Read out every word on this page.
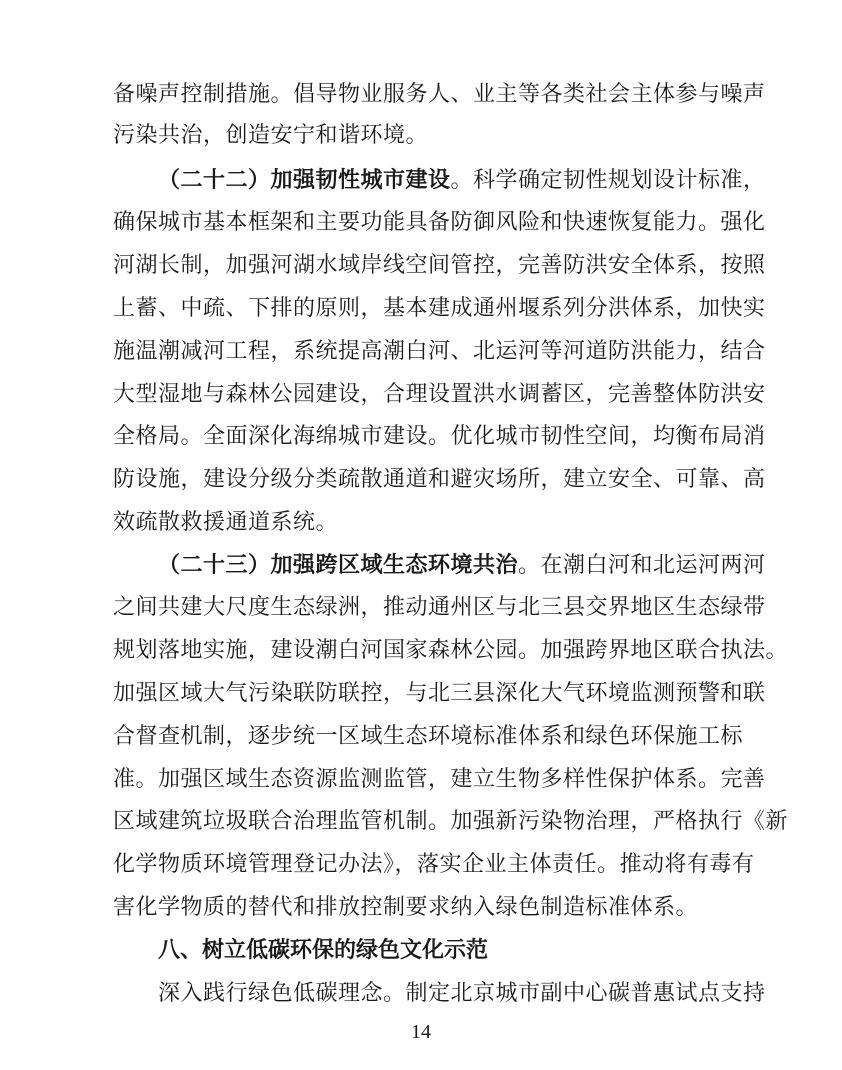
备噪声控制措施。倡导物业服务人、业主等各类社会主体参与噪声
污染共治，创造安宁和谐环境。
（二十二）加强韧性城市建设。科学确定韧性规划设计标准，
确保城市基本框架和主要功能具备防御风险和快速恢复能力。强化
河湖长制，加强河湖水域岸线空间管控，完善防洪安全体系，按照
上蓄、中疏、下排的原则，基本建成通州堰系列分洪体系，加快实
施温潮减河工程，系统提高潮白河、北运河等河道防洪能力，结合
大型湿地与森林公园建设，合理设置洪水调蓄区，完善整体防洪安
全格局。全面深化海绵城市建设。优化城市韧性空间，均衡布局消
防设施，建设分级分类疏散通道和避灾场所，建立安全、可靠、高
效疏散救援通道系统。
（二十三）加强跨区域生态环境共治。在潮白河和北运河两河
之间共建大尺度生态绿洲，推动通州区与北三县交界地区生态绿带
规划落地实施，建设潮白河国家森林公园。加强跨界地区联合执法。
加强区域大气污染联防联控，与北三县深化大气环境监测预警和联
合督查机制，逐步统一区域生态环境标准体系和绿色环保施工标
准。加强区域生态资源监测监管，建立生物多样性保护体系。完善
区域建筑垃圾联合治理监管机制。加强新污染物治理，严格执行《新
化学物质环境管理登记办法》，落实企业主体责任。推动将有毒有
害化学物质的替代和排放控制要求纳入绿色制造标准体系。
八、树立低碳环保的绿色文化示范
深入践行绿色低碳理念。制定北京城市副中心碳普惠试点支持
14
